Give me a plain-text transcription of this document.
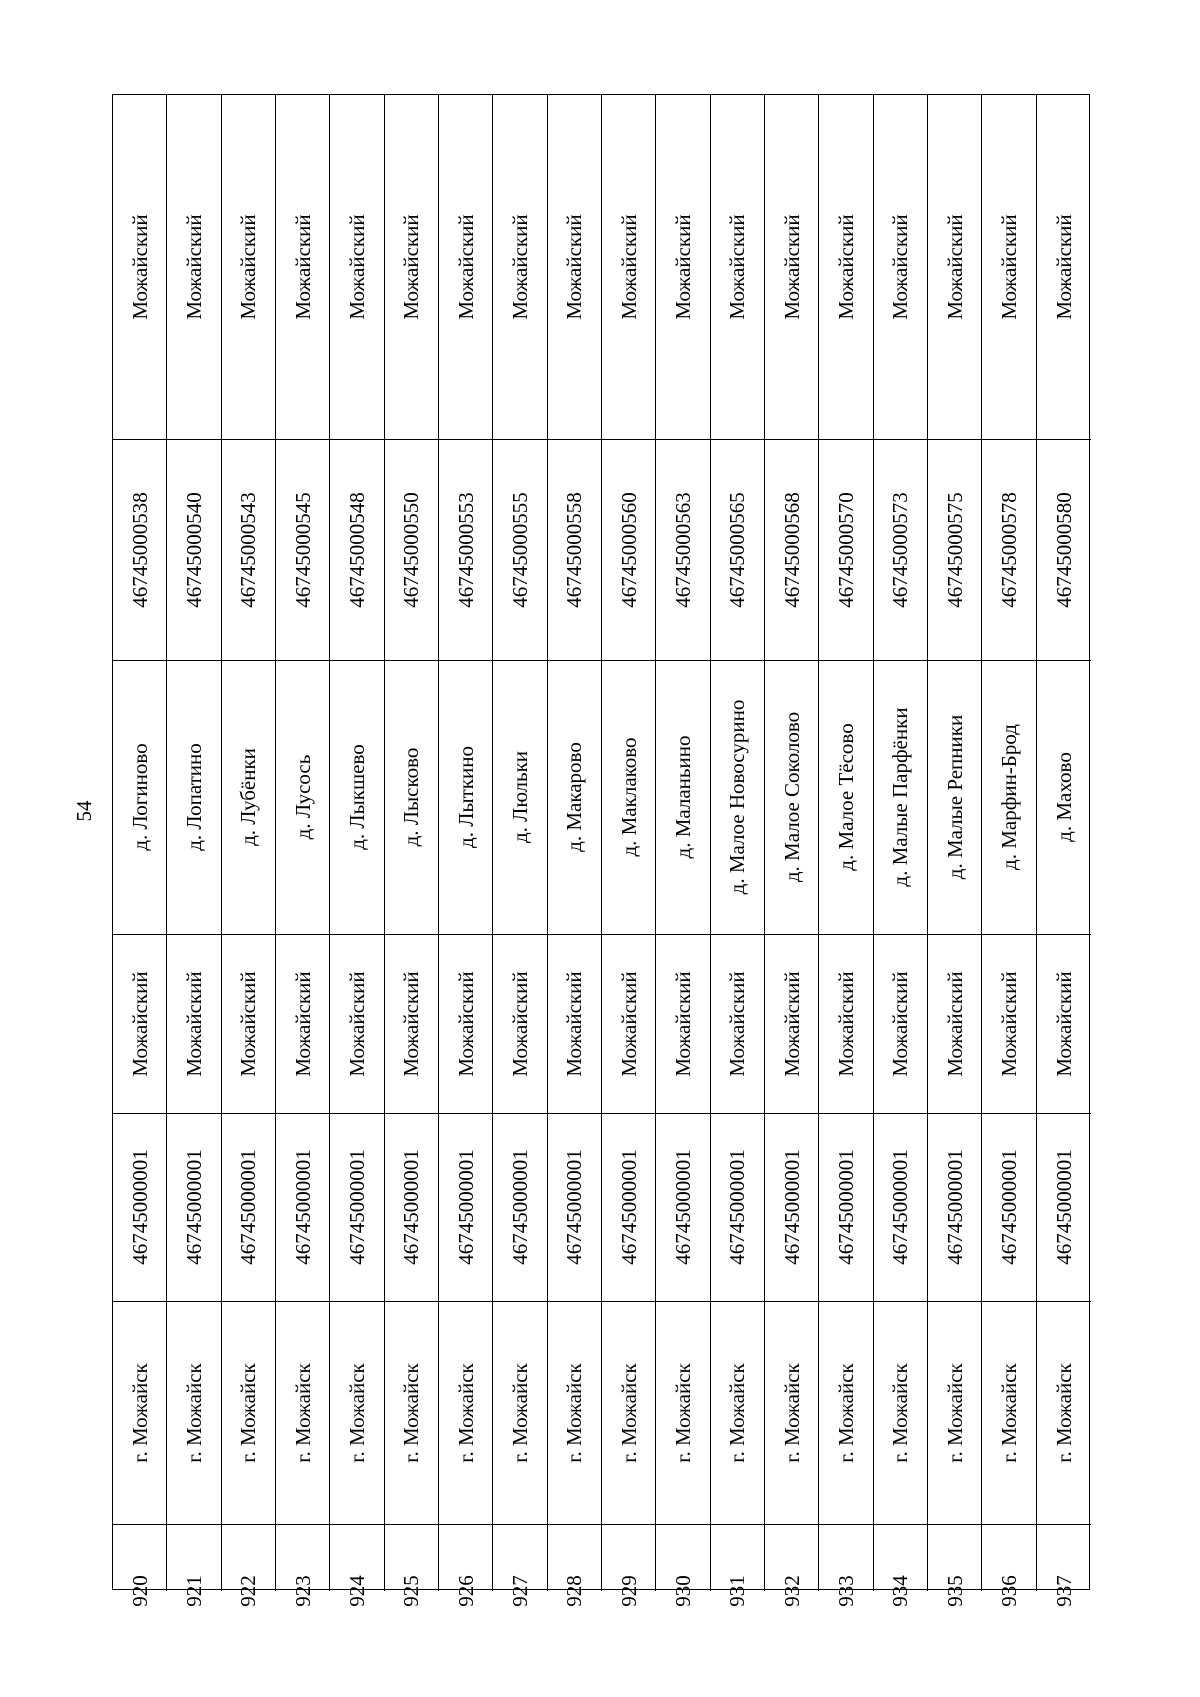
54
Можайский
46745000538
д. Логиново
Можайский
46745000001
г. Можайск
920
Можайский
46745000540
д. Лопатино
Можайский
46745000001
г. Можайск
921
Можайский
46745000543
д. Лубёнки
Можайский
46745000001
г. Можайск
922
Можайский
46745000545
д. Лусось
Можайский
46745000001
г. Можайск
923
Можайский
46745000548
д. Лыкшево
Можайский
46745000001
г. Можайск
924
Можайский
46745000550
д. Лысково
Можайский
46745000001
г. Можайск
925
Можайский
46745000553
д. Лыткино
Можайский
46745000001
г. Можайск
926
Можайский
46745000555
д. Люльки
Можайский
46745000001
г. Можайск
927
Можайский
46745000558
д. Макарово
Можайский
46745000001
г. Можайск
928
Можайский
46745000560
д. Маклаково
Можайский
46745000001
г. Можайск
929
Можайский
46745000563
д. Маланьино
Можайский
46745000001
г. Можайск
930
Можайский
46745000565
д. Малое Новосурино
Можайский
46745000001
г. Можайск
931
Можайский
46745000568
д. Малое Соколово
Можайский
46745000001
г. Можайск
932
Можайский
46745000570
д. Малое Тёсово
Можайский
46745000001
г. Можайск
933
Можайский
46745000573
д. Малые Парфёнки
Можайский
46745000001
г. Можайск
934
Можайский
46745000575
д. Малые Репники
Можайский
46745000001
г. Можайск
935
Можайский
46745000578
д. Марфин-Брод
Можайский
46745000001
г. Можайск
936
Можайский
46745000580
д. Махово
Можайский
46745000001
г. Можайск
937
